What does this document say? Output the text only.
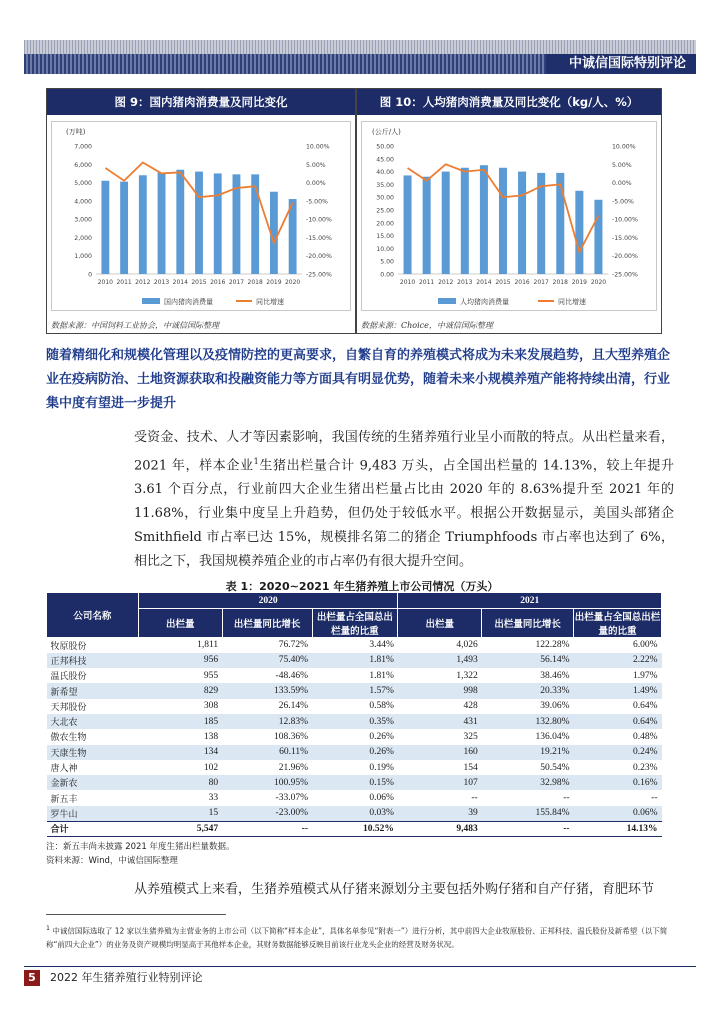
中诚信国际特别评论
图 9：国内猪肉消费量及同比变化
(万吨)
国内猪肉消费量	同比增速
0
1,000
2,000
3,000
4,000
5,000
6,000
7,000	10.00%
5.00%
0.00%
-5.00%
-10.00%
-15.00%
-20.00%
-25.00%
2010 2011 2012 2013 2014 2015 2016 2017 2018 2019 2020
数据来源：中国饲料工业协会，中诚信国际整理
图 10：人均猪肉消费量及同比变化（kg/人、%）
(公斤/人)
人均猪肉消费量	同比增速
0.00
5.00
10.00
15.00
20.00
25.00
30.00
35.00
40.00
45.00
50.00	10.00%
5.00%
0.00%
-5.00%
-10.00%
-15.00%
-20.00%
-25.00%
2010 2011 2012 2013 2014 2015 2016 2017 2018 2019 2020
数据来源：Choice，中诚信国际整理
随着精细化和规模化管理以及疫情防控的更高要求，自繁自育的养殖模式将成为未来发展趋势，且大型养殖企业在疫病防治、土地资源获取和投融资能力等方面具有明显优势，随着未来小规模养殖产能将持续出清，行业集中度有望进一步提升
受资金、技术、人才等因素影响，我国传统的生猪养殖行业呈小而散的特点。从出栏量来看，2021 年，样本企业$^1$生猪出栏量合计 9,483 万头，占全国出栏量的 14.13%，较上年提升 3.61 个百分点，行业前四大企业生猪出栏量占比由 2020 年的 8.63%提升至 2021 年的 11.68%，行业集中度呈上升趋势，但仍处于较低水平。根据公开数据显示，美国头部猪企 Smithfield 市占率已达 15%，规模排名第二的猪企 Triumphfoods 市占率也达到了 6%，相比之下，我国规模养殖企业的市占率仍有很大提升空间。
表 1：2020~2021 年生猪养殖上市公司情况（万头）
公司名称	2020			2021		
	出栏量	出栏量同比增长	出栏量占全国总出栏量的比重	出栏量	出栏量同比增长	出栏量占全国总出栏量的比重
牧原股份	1,811	76.72%	3.44%	4,026	122.28%	6.00%
正邦科技	956	75.40%	1.81%	1,493	56.14%	2.22%
温氏股份	955	-48.46%	1.81%	1,322	38.46%	1.97%
新希望	829	133.59%	1.57%	998	20.33%	1.49%
天邦股份	308	26.14%	0.58%	428	39.06%	0.64%
大北农	185	12.83%	0.35%	431	132.80%	0.64%
傲农生物	138	108.36%	0.26%	325	136.04%	0.48%
天康生物	134	60.11%	0.26%	160	19.21%	0.24%
唐人神	102	21.96%	0.19%	154	50.54%	0.23%
金新农	80	100.95%	0.15%	107	32.98%	0.16%
新五丰	33	-33.07%	0.06%	--	--	--
罗牛山	15	-23.00%	0.03%	39	155.84%	0.06%
合计	5,547	--	10.52%	9,483	--	14.13%
注：新五丰尚未披露 2021 年度生猪出栏量数据。
资料来源：Wind，中诚信国际整理
从养殖模式上来看，生猪养殖模式从仔猪来源划分主要包括外购仔猪和自产仔猪，育肥环节
$^1$ 中诚信国际选取了 12 家以生猪养殖为主营业务的上市公司（以下简称“样本企业”，具体名单参见“附表一”）进行分析，其中前四大企业牧原股份、正邦科技、温氏股份及新希望（以下简称“前四大企业”）的业务及资产规模均明显高于其他样本企业，其财务数据能够反映目前该行业龙头企业的经营及财务状况。
5	2022 年生猪养殖行业特别评论
